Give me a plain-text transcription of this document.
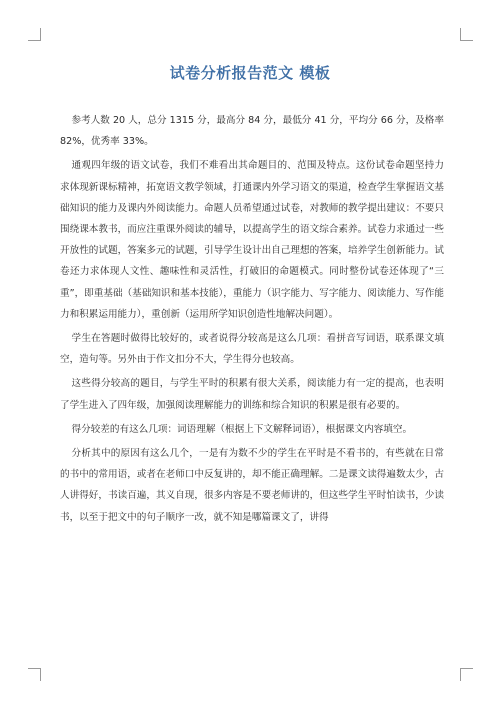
试卷分析报告范文 模板

参考人数 20 人，总分 1315 分，最高分 84 分，最低分 41 分，平均分 66 分，及格率 82%，优秀率 33%。

通观四年级的语文试卷，我们不难看出其命题目的、范围及特点。这份试卷命题坚持力求体现新课标精神，拓宽语文教学领域，打通课内外学习语文的渠道，检查学生掌握语文基础知识的能力及课内外阅读能力。命题人员希望通过试卷，对教师的教学提出建议：不要只围绕课本教书，而应注重课外阅读的辅导，以提高学生的语文综合素养。试卷力求通过一些开放性的试题，答案多元的试题，引导学生设计出自己理想的答案，培养学生创新能力。试卷还力求体现人文性、趣味性和灵活性，打破旧的命题模式。同时整份试卷还体现了“三重”，即重基础（基础知识和基本技能），重能力（识字能力、写字能力、阅读能力、写作能力和积累运用能力），重创新（运用所学知识创造性地解决问题）。

学生在答题时做得比较好的，或者说得分较高是这么几项：看拼音写词语，联系课文填空，造句等。另外由于作文扣分不大，学生得分也较高。

这些得分较高的题目，与学生平时的积累有很大关系，阅读能力有一定的提高，也表明了学生进入了四年级，加强阅读理解能力的训练和综合知识的积累是很有必要的。

得分较差的有这么几项：词语理解（根据上下文解释词语），根据课文内容填空。

分析其中的原因有这么几个，一是有为数不少的学生在平时是不看书的，有些就在日常的书中的常用语，或者在老师口中反复讲的，却不能正确理解。二是课文读得遍数太少，古人讲得好，书读百遍，其义自现，很多内容是不要老师讲的，但这些学生平时怕读书，少读书，以至于把文中的句子顺序一改，就不知是哪篇课文了，讲得
